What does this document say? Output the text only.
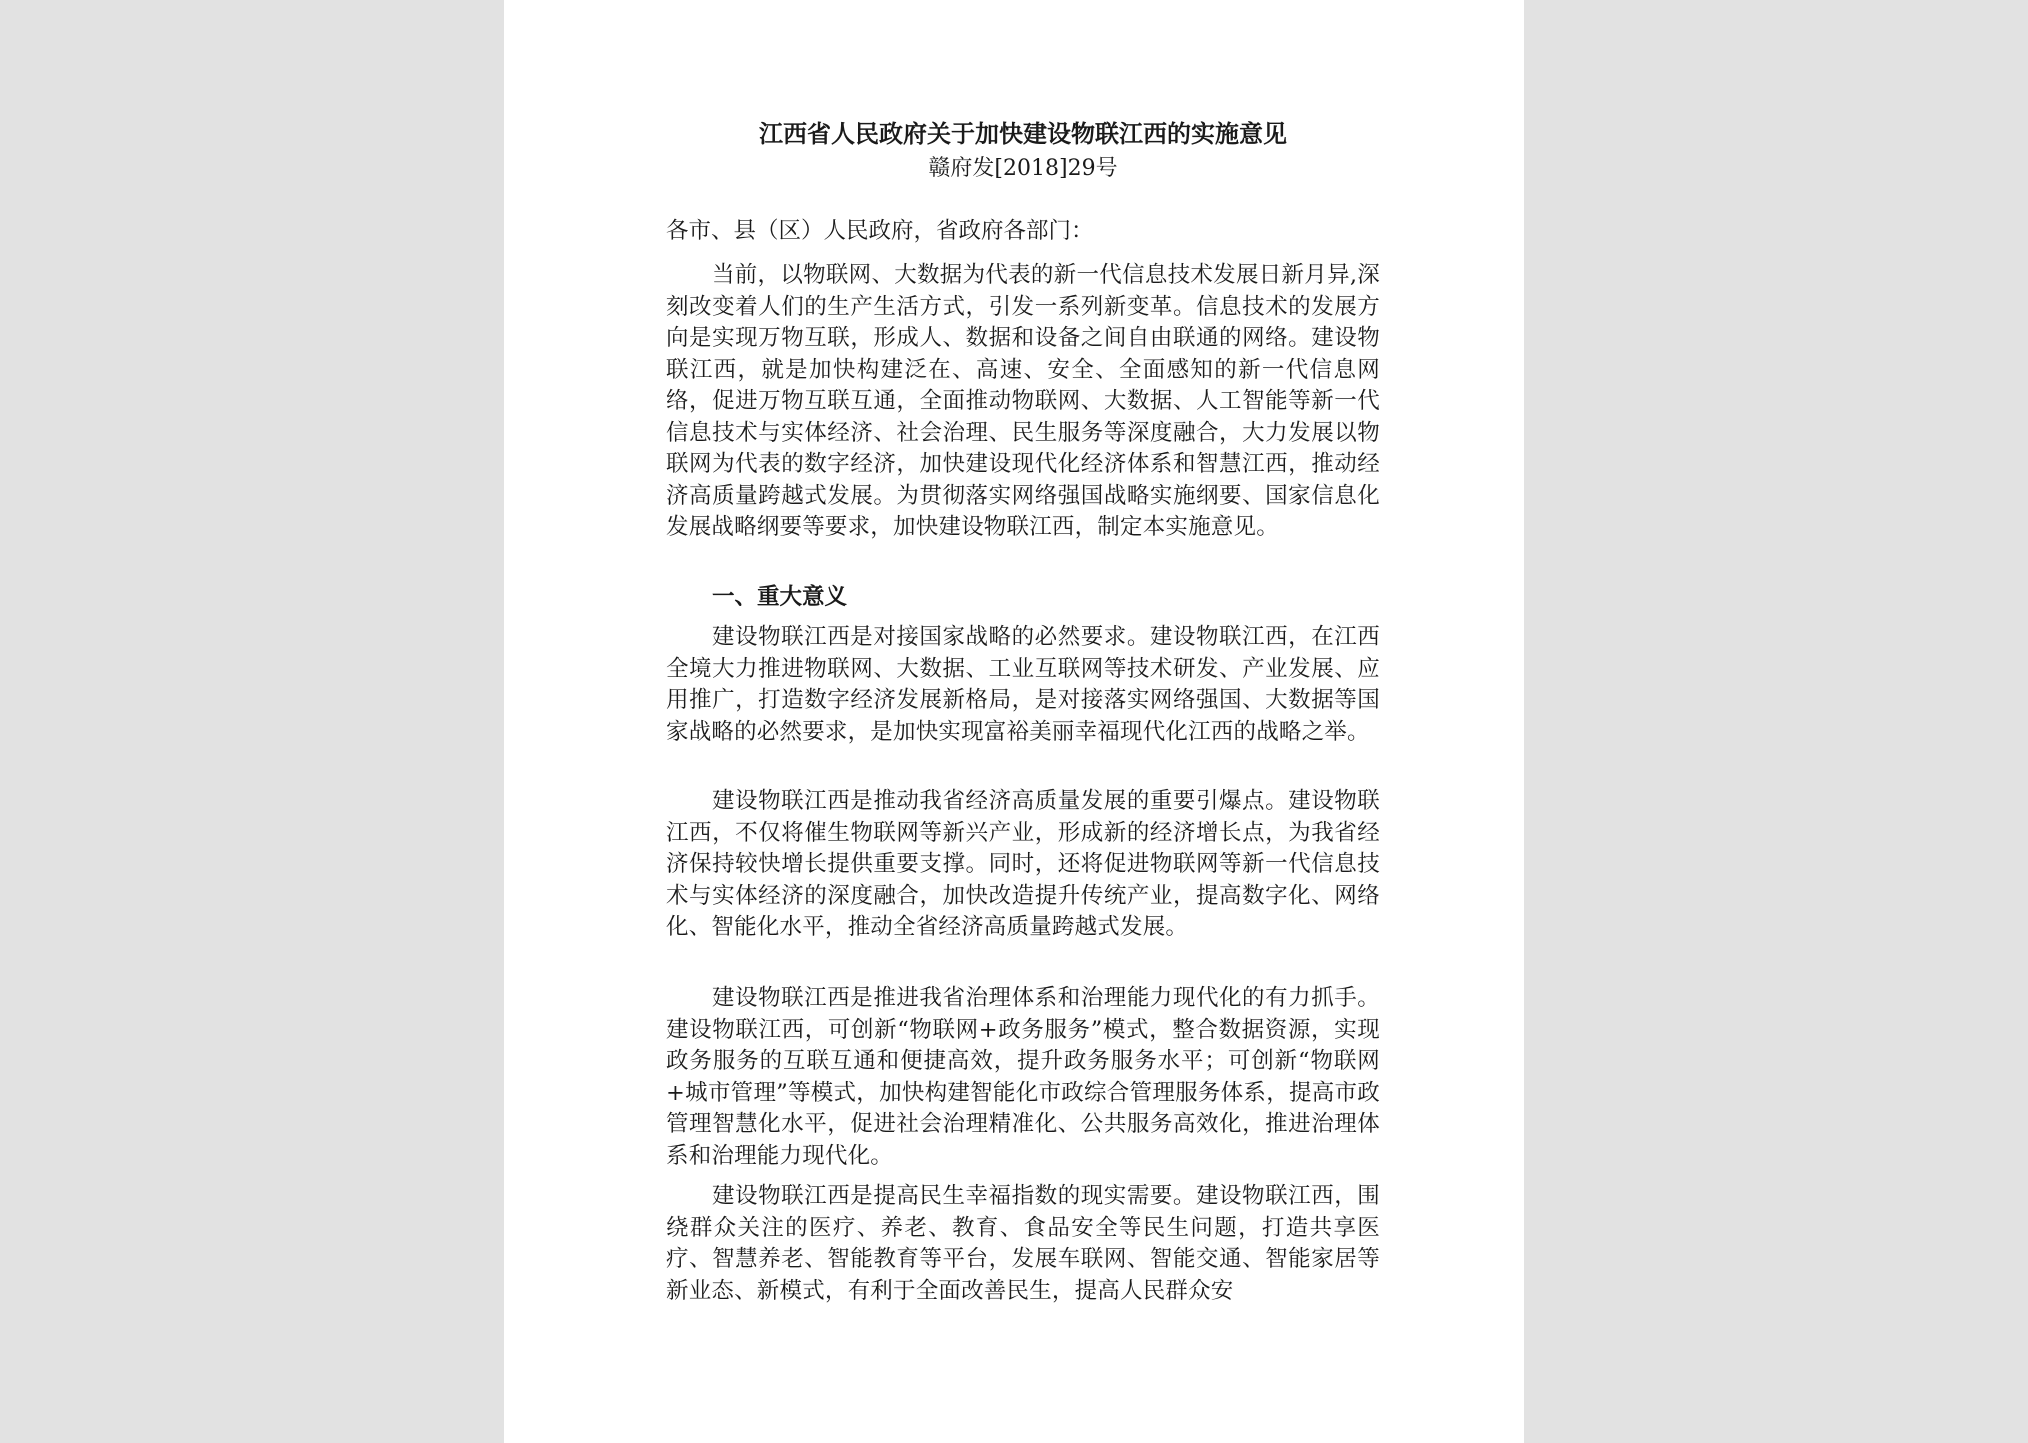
江西省人民政府关于加快建设物联江西的实施意见
赣府发[2018]29号
各市、县（区）人民政府，省政府各部门：

当前，以物联网、大数据为代表的新一代信息技术发展日新月异,深刻改变着人们的生产生活方式，引发一系列新变革。信息技术的发展方向是实现万物互联，形成人、数据和设备之间自由联通的网络。建设物联江西，就是加快构建泛在、高速、安全、全面感知的新一代信息网络，促进万物互联互通，全面推动物联网、大数据、人工智能等新一代信息技术与实体经济、社会治理、民生服务等深度融合，大力发展以物联网为代表的数字经济，加快建设现代化经济体系和智慧江西，推动经济高质量跨越式发展。为贯彻落实网络强国战略实施纲要、国家信息化发展战略纲要等要求，加快建设物联江西，制定本实施意见。

一、重大意义

建设物联江西是对接国家战略的必然要求。建设物联江西，在江西全境大力推进物联网、大数据、工业互联网等技术研发、产业发展、应用推广，打造数字经济发展新格局，是对接落实网络强国、大数据等国家战略的必然要求，是加快实现富裕美丽幸福现代化江西的战略之举。

建设物联江西是推动我省经济高质量发展的重要引爆点。建设物联江西，不仅将催生物联网等新兴产业，形成新的经济增长点，为我省经济保持较快增长提供重要支撑。同时，还将促进物联网等新一代信息技术与实体经济的深度融合，加快改造提升传统产业，提高数字化、网络化、智能化水平，推动全省经济高质量跨越式发展。

建设物联江西是推进我省治理体系和治理能力现代化的有力抓手。建设物联江西，可创新“物联网+政务服务”模式，整合数据资源，实现政务服务的互联互通和便捷高效，提升政务服务水平；可创新“物联网+城市管理”等模式，加快构建智能化市政综合管理服务体系，提高市政管理智慧化水平，促进社会治理精准化、公共服务高效化，推进治理体系和治理能力现代化。

建设物联江西是提高民生幸福指数的现实需要。建设物联江西，围绕群众关注的医疗、养老、教育、食品安全等民生问题，打造共享医疗、智慧养老、智能教育等平台，发展车联网、智能交通、智能家居等新业态、新模式，有利于全面改善民生，提高人民群众安
